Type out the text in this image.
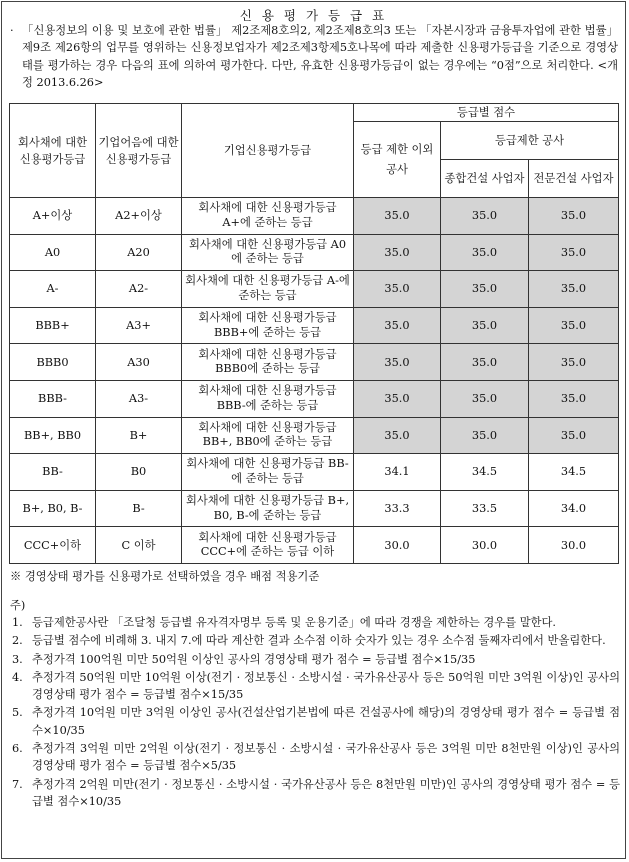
신 용 평 가 등 급 표
· 「신용정보의 이용 및 보호에 관한 법률」 제2조제8호의2, 제2조제8호의3 또는 「자본시장과 금융투자업에 관한 법률」 제9조 제26항의 업무를 영위하는 신용정보업자가 제2조제3항제5호나목에 따라 제출한 신용평가등급을 기준으로 경영상태를 평가하는 경우 다음의 표에 의하여 평가한다. 다만, 유효한 신용평가등급이 없는 경우에는 “0점”으로 처리한다. <개정 2013.6.26>
회사채에 대한 신용평가등급	기업어음에 대한 신용평가등급	기업신용평가등급	등급별 점수		
			등급 제한 이외 공사	등급제한 공사	
				종합건설 사업자	전문건설 사업자
A+이상	A2+이상	회사채에 대한 신용평가등급 A+에 준하는 등급	35.0	35.0	35.0
A0	A20	회사채에 대한 신용평가등급 A0에 준하는 등급	35.0	35.0	35.0
A-	A2-	회사채에 대한 신용평가등급 A-에 준하는 등급	35.0	35.0	35.0
BBB+	A3+	회사채에 대한 신용평가등급 BBB+에 준하는 등급	35.0	35.0	35.0
BBB0	A30	회사채에 대한 신용평가등급 BBB0에 준하는 등급	35.0	35.0	35.0
BBB-	A3-	회사채에 대한 신용평가등급 BBB-에 준하는 등급	35.0	35.0	35.0
BB+, BB0	B+	회사채에 대한 신용평가등급 BB+, BB0에 준하는 등급	35.0	35.0	35.0
BB-	B0	회사채에 대한 신용평가등급 BB-에 준하는 등급	34.1	34.5	34.5
B+, B0, B-	B-	회사채에 대한 신용평가등급 B+, B0, B-에 준하는 등급	33.3	33.5	34.0
CCC+이하	C 이하	회사채에 대한 신용평가등급 CCC+에 준하는 등급 이하	30.0	30.0	30.0
※ 경영상태 평가를 신용평가로 선택하였을 경우 배점 적용기준
주)
1. 등급제한공사란 「조달청 등급별 유자격자명부 등록 및 운용기준」에 따라 경쟁을 제한하는 경우를 말한다.
2. 등급별 점수에 비례해 3. 내지 7.에 따라 계산한 결과 소수점 이하 숫자가 있는 경우 소수점 둘째자리에서 반올림한다.
3. 추정가격 100억원 미만 50억원 이상인 공사의 경영상태 평가 점수 = 등급별 점수×15/35
4. 추정가격 50억원 미만 10억원 이상(전기 · 정보통신 · 소방시설 · 국가유산공사 등은 50억원 미만 3억원 이상)인 공사의 경영상태 평가 점수 = 등급별 점수×15/35
5. 추정가격 10억원 미만 3억원 이상인 공사(건설산업기본법에 따른 건설공사에 해당)의 경영상태 평가 점수 = 등급별 점수×10/35
6. 추정가격 3억원 미만 2억원 이상(전기 · 정보통신 · 소방시설 · 국가유산공사 등은 3억원 미만 8천만원 이상)인 공사의 경영상태 평가 점수 = 등급별 점수×5/35
7. 추정가격 2억원 미만(전기 · 정보통신 · 소방시설 · 국가유산공사 등은 8천만원 미만)인 공사의 경영상태 평가 점수 = 등급별 점수×10/35
